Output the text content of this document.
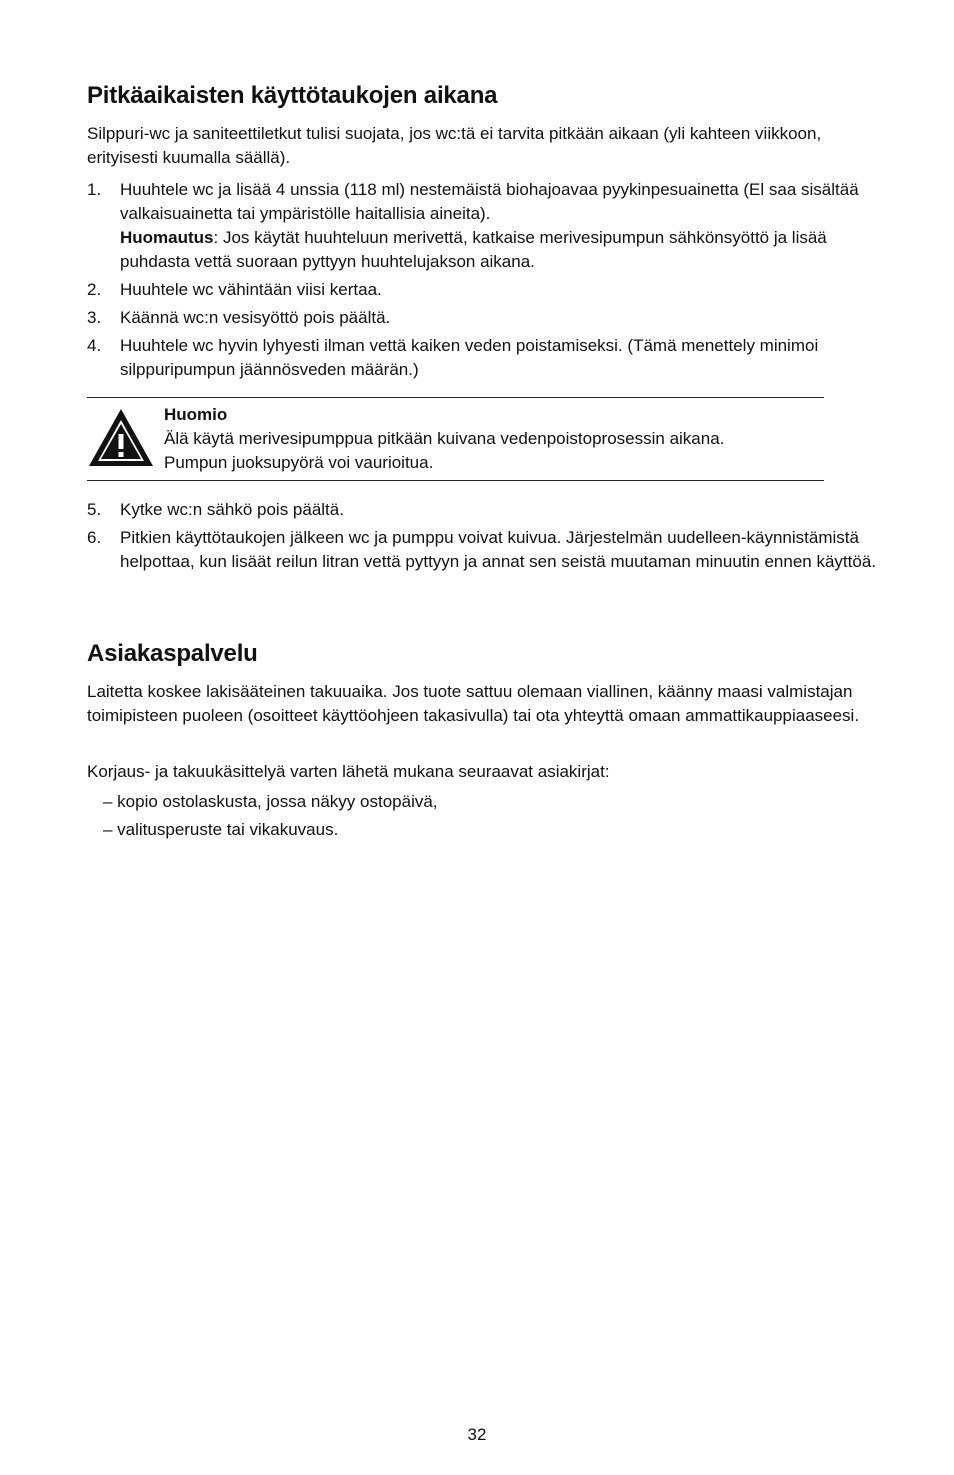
Pitkäaikaisten käyttötaukojen aikana

Silppuri-wc ja saniteettiletkut tulisi suojata, jos wc:tä ei tarvita pitkään aikaan (yli kahteen viikkoon, erityisesti kuumalla säällä).

1. Huuhtele wc ja lisää 4 unssia (118 ml) nestemäistä biohajoavaa pyykinpesuainetta (El saa sisältää valkaisuainetta tai ympäristölle haitallisia aineita).
Huomautus: Jos käytät huuhteluun merivettä, katkaise merivesipumpun sähkönsyöttö ja lisää puhdasta vettä suoraan pyttyyn huuhtelujakson aikana.
2. Huuhtele wc vähintään viisi kertaa.
3. Käännä wc:n vesisyöttö pois päältä.
4. Huuhtele wc hyvin lyhyesti ilman vettä kaiken veden poistamiseksi. (Tämä menettely minimoi silppuripumpun jäännösveden määrän.)
Huomio
Älä käytä merivesipumppua pitkään kuivana vedenpoistoprosessin aikana.
Pumpun juoksupyörä voi vaurioitua.
5. Kytke wc:n sähkö pois päältä.
6. Pitkien käyttötaukojen jälkeen wc ja pumppu voivat kuivua. Järjestelmän uudelleen-käynnistämistä helpottaa, kun lisäät reilun litran vettä pyttyyn ja annat sen seistä muutaman minuutin ennen käyttöä.
Asiakaspalvelu

Laitetta koskee lakisääteinen takuuaika. Jos tuote sattuu olemaan viallinen, käänny maasi valmistajan toimipisteen puoleen (osoitteet käyttöohjeen takasivulla) tai ota yhteyttä omaan ammattikauppiaaseesi.

Korjaus- ja takuukäsittelyä varten lähetä mukana seuraavat asiakirjat:

– kopio ostolaskusta, jossa näkyy ostopäivä,
– valitusperuste tai vikakuvaus.
32
